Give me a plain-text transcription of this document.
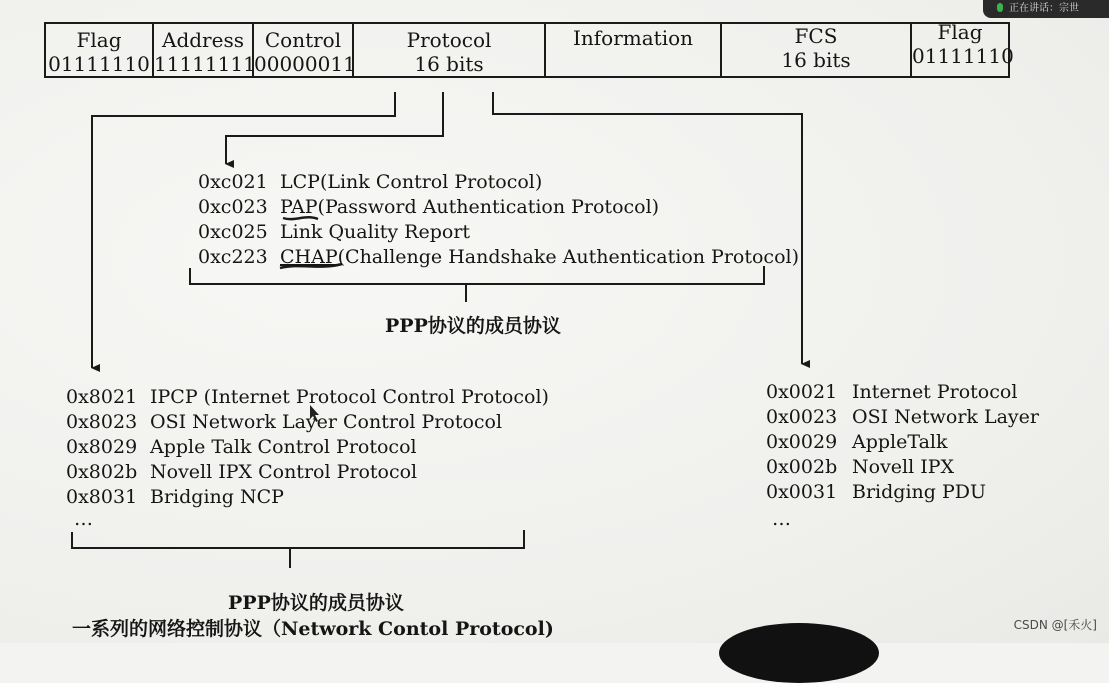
正在讲话：宗世
Flag
01111110
Address
11111111
Control
00000011
Protocol
16 bits
Information	FCS
16 bits
Flag
01111110
0xc021 LCP (Link Control Protocol)
0xc023 PAP (Password Authentication Protocol)
0xc025 Link Quality Report
0xc223 CHAP (Challenge Handshake Authentication Protocol)
PPP协议的成员协议
0x8021 IPCP (Internet Protocol Control Protocol)
0x8023 OSI Network Layer Control Protocol
0x8029 Apple Talk Control Protocol
0x802b Novell IPX Control Protocol
0x8031 Bridging NCP
…
PPP协议的成员协议
一系列的网络控制协议（Network Contol Protocol)
0x0021 Internet Protocol
0x0023 OSI Network Layer
0x0029 AppleTalk
0x002b Novell IPX
0x0031 Bridging PDU
…
CSDN @[禾火]
